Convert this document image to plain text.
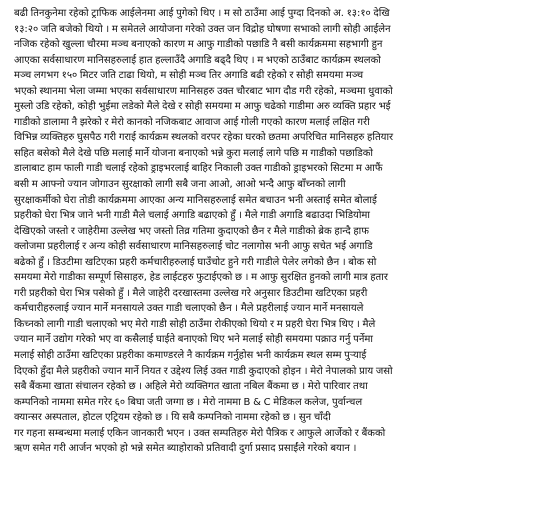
बढी तिनकुनेमा रहेको ट्राफिक आईलेनमा आई पुगेको थिए । म सो ठाउँमा आई पुग्दा दिनको अ. १३:१० देखि
१३:२० जति बजेको थियो । म समेतले आयोजना गरेको उक्त जन विद्रोह घोषणा सभाको लागी सोही आईलेन
नजिक रहेको खुल्ला चौरमा मञ्च बनाएको कारण म आफु गाडीको पछाडि नै बसी कार्यक्रममा सहभागी हुन
आएका सर्वसाधारण मानिसहरुलाई हात हल्लाउँदै अगाडि बढ्दै थिए । म भएको ठाउँबाट कार्यक्रम स्थलको
मञ्च लगभग १५० मिटर जति टाढा थियो, म सोही मञ्च तिर अगाडि बढी रहेको र सोही समयमा मञ्च
भएको स्थानमा भेला जम्मा भएका सर्वसाधारण मानिसहरु उक्त चौरबाट भाग दौड गरी रहेको, मञ्चमा धुवाको
मुस्लो उडि रहेको, कोही भुईमा लडेको मैले देखे र सोही समयमा म आफु चढेको गाडीमा अरु व्यक्ति प्रहार भई
गाडीको डालामा नै झरेको र मेरो कानको नजिकबाट आवाज आई गोली गएको कारण मलाई लक्षित गरी
विभिन्न व्यक्तिहरु घुसपैठ गरी गराई कार्यक्रम स्थलको वरपर रहेका घरको छतमा अपरिचित मानिसहरु हतियार
सहित बसेको मैले देखे पछि मलाई मार्ने योजना बनाएको भन्ने कुरा मलाई लागे पछि म गाडीको पछाडिको
डालाबाट हाम फाली गाडी चलाई रहेको ड्राइभरलाई बाहिर निकाली उक्त गाडीको ड्राइभरको सिटमा म आफैं
बसी म आफ्नो ज्यान जोगाउन सुरक्षाको लागी सबै जना आओ, आओ भन्दै आफु बाँच्नको लागी
सुरक्षाकर्मीको घेरा तोडी कार्यक्रममा आएका अन्य मानिसहरुलाई समेत बचाउन भनी अस्ताई समेत बोलाई
प्रहरीको घेरा भित्र जाने भनी गाडी मैले चलाई अगाडि बढाएको हुँ । मैले गाडी अगाडि बढाउदा भिडियोमा
देखिएको जस्तो र जाहेरीमा उल्लेख भए जस्तो तिव्र गतिमा कुदाएको छैन र मैले गाडीको ब्रेक हान्दै हाफ
क्लोजमा प्रहरीलाई र अन्य कोही सर्वसाधारण मानिसहरुलाई चोट नलागोस भनी आफु सचेत भई अगाडि
बढेको हुँ । डिउटीमा खटिएका प्रहरी कर्मचारीहरुलाई घाउँचोट हुने गरी गाडीले पेलेर लगेको छैन । बोक सो
समयमा मेरो गाडीका सम्पूर्ण सिसाहरु, हेड लाईटहरु फुटाईएको छ । म आफु सुरक्षित हुनको लागी मात्र हतार
गरी प्रहरीको घेरा भित्र पसेको हुँ । मैले जाहेरी दरखास्तमा उल्लेख गरे अनुसार डिउटीमा खटिएका प्रहरी
कर्मचारीहरुलाई ज्यान मार्ने मनसायले उक्त गाडी चलाएको छैन । मैले प्रहरीलाई ज्यान मार्ने मनसायले
किच्नको लागी गाडी चलाएको भए मेरो गाडी सोही ठाउँमा रोकीएको थियो र म प्रहरी घेरा भित्र थिए । मैले
ज्यान मार्ने उद्योग गरेको भए वा कसैलाई घाईते बनाएको थिए भने मलाई सोही समयमा पक्राउ गर्नु पर्नेमा
मलाई सोही ठाउँमा खटिएका प्रहरीका कमाण्डरले नै कार्यक्रम गर्नुहोस भनी कार्यक्रम स्थल सम्म पुऱ्याई
दिएको हुँदा मैले प्रहरीको ज्यान मार्ने नियत र उद्देश्य लिई उक्त गाडी कुदाएको होइन । मेरो नेपालको प्राय जसो
सबै बैंकमा खाता संचालन रहेको छ । अहिले मेरो व्यक्तिगत खाता नबिल बैंकमा छ । मेरो पारिवार तथा
कम्पनिको नाममा समेत गरेर ६० बिघा जती जग्गा छ । मेरो नाममा B & C मेडिकल कलेज, पुर्वान्चल
क्यान्सर अस्पताल, होटल एट्रियम रहेको छ । यि सबै कम्पनिको नाममा रहेको छ । सुन चाँदी
गर गहना सम्बन्धमा मलाई एकिन जानकारी भएन । उक्त सम्पतिहरु मेरो पैत्रिक र आफुले आर्जेको र बैंकको
ऋण समेत गरी आर्जन भएको हो भन्ने समेत ब्याहोराको प्रतिवादी दुर्गा प्रसाद प्रसाईंले गरेको बयान ।
